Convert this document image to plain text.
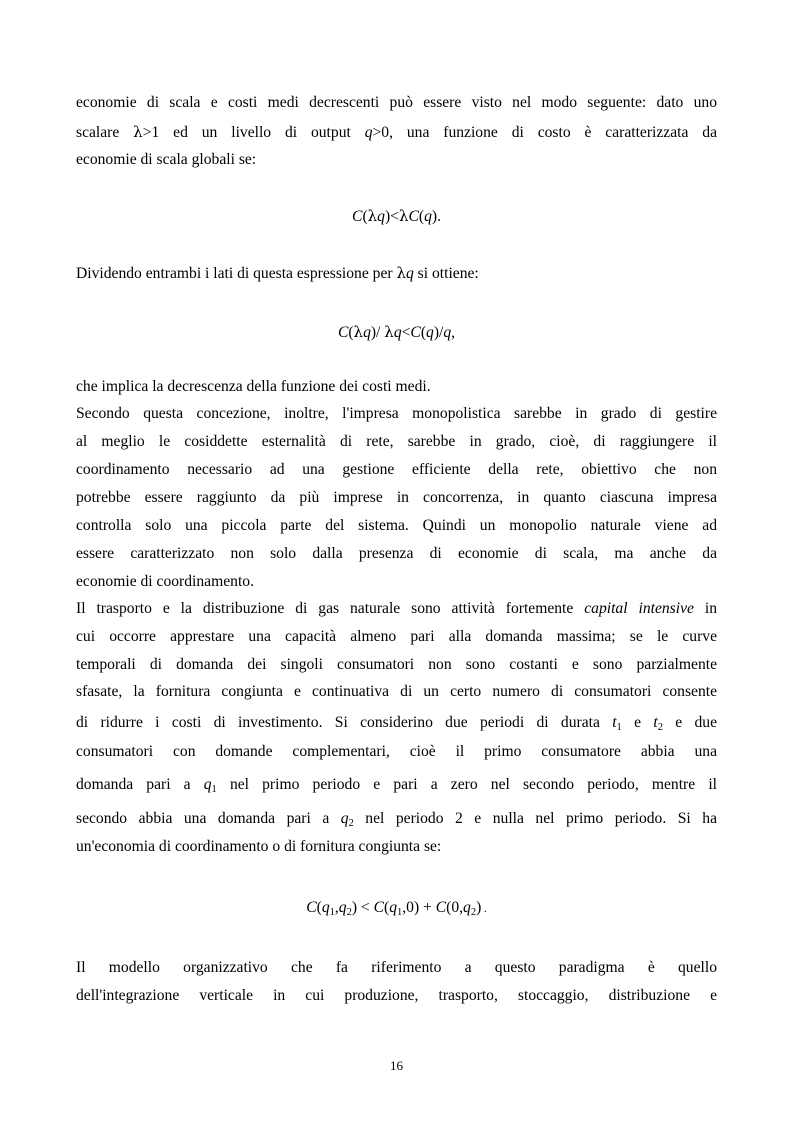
economie di scala e costi medi decrescenti può essere visto nel modo seguente: dato uno
scalare λ>1 ed un livello di output q>0, una funzione di costo è caratterizzata da
economie di scala globali se:
C(λq)<λC(q).
Dividendo entrambi i lati di questa espressione per λq si ottiene:
C(λq)/ λq<C(q)/q,
che implica la decrescenza della funzione dei costi medi.
Secondo questa concezione, inoltre, l'impresa monopolistica sarebbe in grado di gestire
al meglio le cosiddette esternalità di rete, sarebbe in grado, cioè, di raggiungere il
coordinamento necessario ad una gestione efficiente della rete, obiettivo che non
potrebbe essere raggiunto da più imprese in concorrenza, in quanto ciascuna impresa
controlla solo una piccola parte del sistema. Quindi un monopolio naturale viene ad
essere caratterizzato non solo dalla presenza di economie di scala, ma anche da
economie di coordinamento.
Il trasporto e la distribuzione di gas naturale sono attività fortemente capital intensive in
cui occorre apprestare una capacità almeno pari alla domanda massima; se le curve
temporali di domanda dei singoli consumatori non sono costanti e sono parzialmente
sfasate, la fornitura congiunta e continuativa di un certo numero di consumatori consente
di ridurre i costi di investimento. Si considerino due periodi di durata t1 e t2 e due
consumatori con domande complementari, cioè il primo consumatore abbia una
domanda pari a q1 nel primo periodo e pari a zero nel secondo periodo, mentre il
secondo abbia una domanda pari a q2 nel periodo 2 e nulla nel primo periodo. Si ha
un'economia di coordinamento o di fornitura congiunta se:
C(q1,q2) < C(q1,0) + C(0,q2) .
Il modello organizzativo che fa riferimento a questo paradigma è quello
dell'integrazione verticale in cui produzione, trasporto, stoccaggio, distribuzione e
16
